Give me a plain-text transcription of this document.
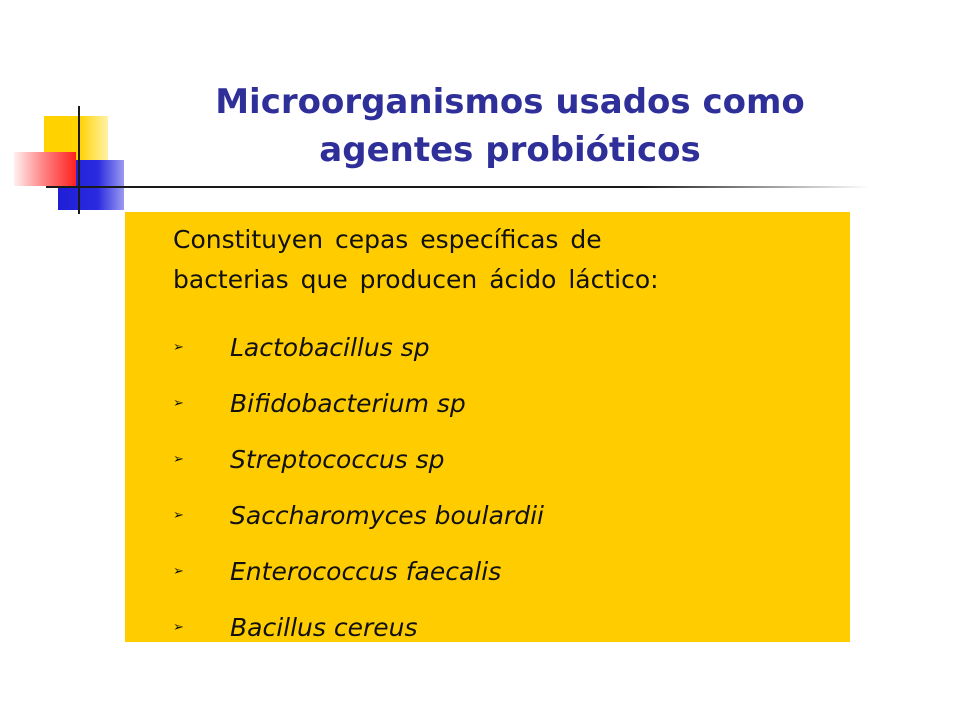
Microorganismos usados como
agentes probióticos

Constituyen cepas específicas de
bacterias que producen ácido láctico:

➢	Lactobacillus sp
➢	Bifidobacterium sp
➢	Streptococcus sp
➢	Saccharomyces boulardii
➢	Enterococcus faecalis
➢	Bacillus cereus
